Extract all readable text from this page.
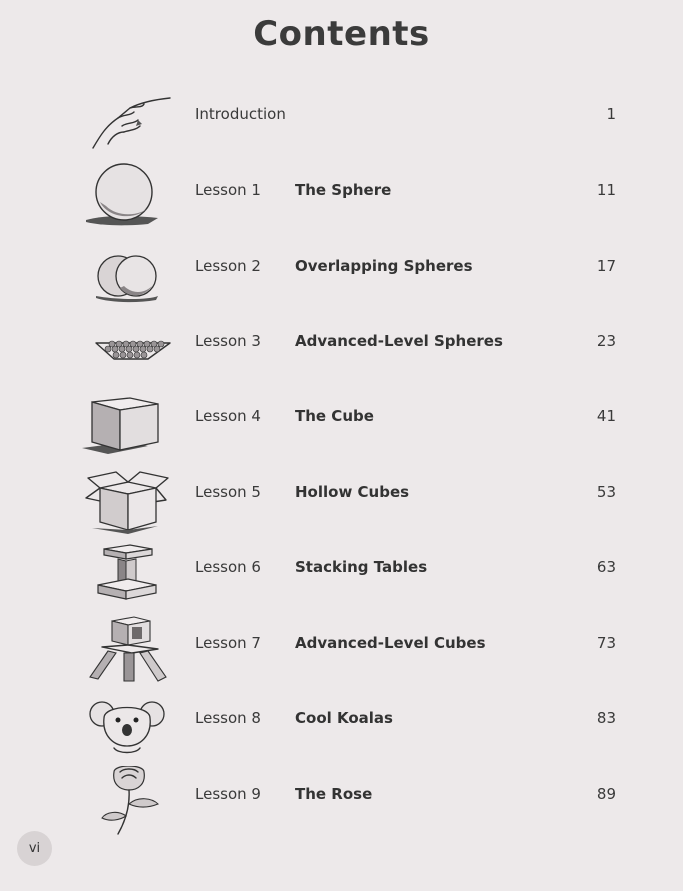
Contents
Introduction	1
Lesson 1 The Sphere	11
Lesson 2 Overlapping Spheres	17
Lesson 3 Advanced-Level Spheres	23
Lesson 4 The Cube	41
Lesson 5 Hollow Cubes	53
Lesson 6 Stacking Tables	63
Lesson 7 Advanced-Level Cubes	73
Lesson 8 Cool Koalas	83
Lesson 9 The Rose	89
vi
